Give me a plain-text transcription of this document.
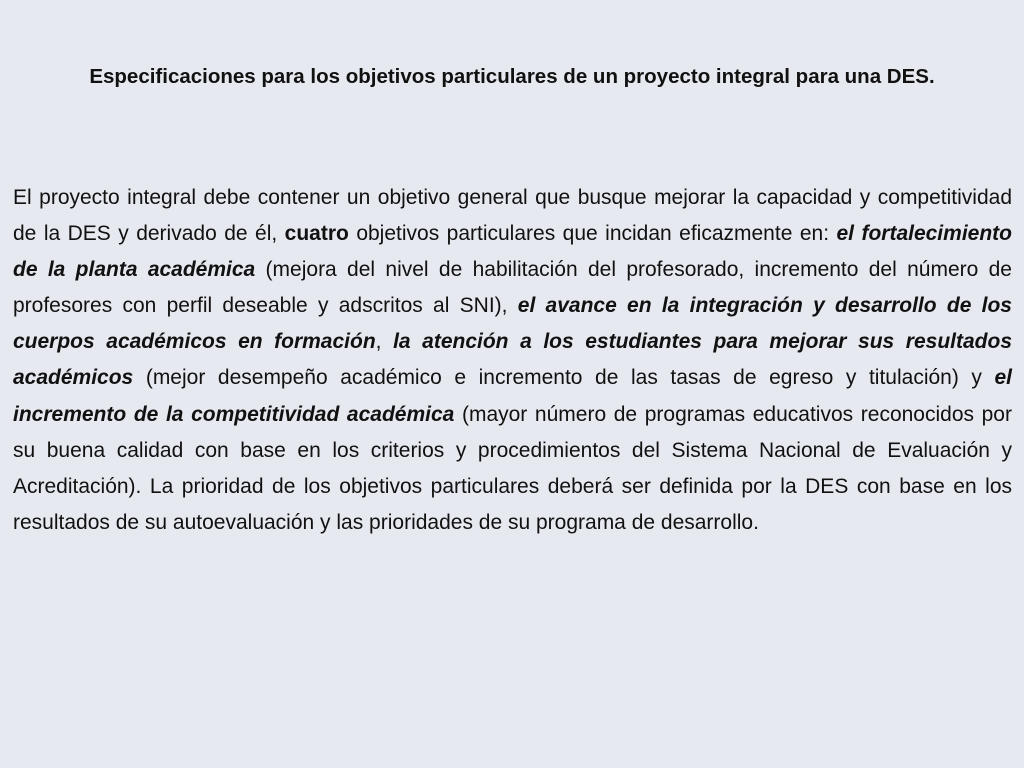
Especificaciones para los objetivos particulares de un proyecto integral para una DES.

El proyecto integral debe contener un objetivo general que busque mejorar la capacidad y competitividad de la DES y derivado de él, cuatro objetivos particulares que incidan eficazmente en: el fortalecimiento de la planta académica (mejora del nivel de habilitación del profesorado, incremento del número de profesores con perfil deseable y adscritos al SNI), el avance en la integración y desarrollo de los cuerpos académicos en formación, la atención a los estudiantes para mejorar sus resultados académicos (mejor desempeño académico e incremento de las tasas de egreso y titulación) y el incremento de la competitividad académica (mayor número de programas educativos reconocidos por su buena calidad con base en los criterios y procedimientos del Sistema Nacional de Evaluación y Acreditación). La prioridad de los objetivos particulares deberá ser definida por la DES con base en los resultados de su autoevaluación y las prioridades de su programa de desarrollo.
